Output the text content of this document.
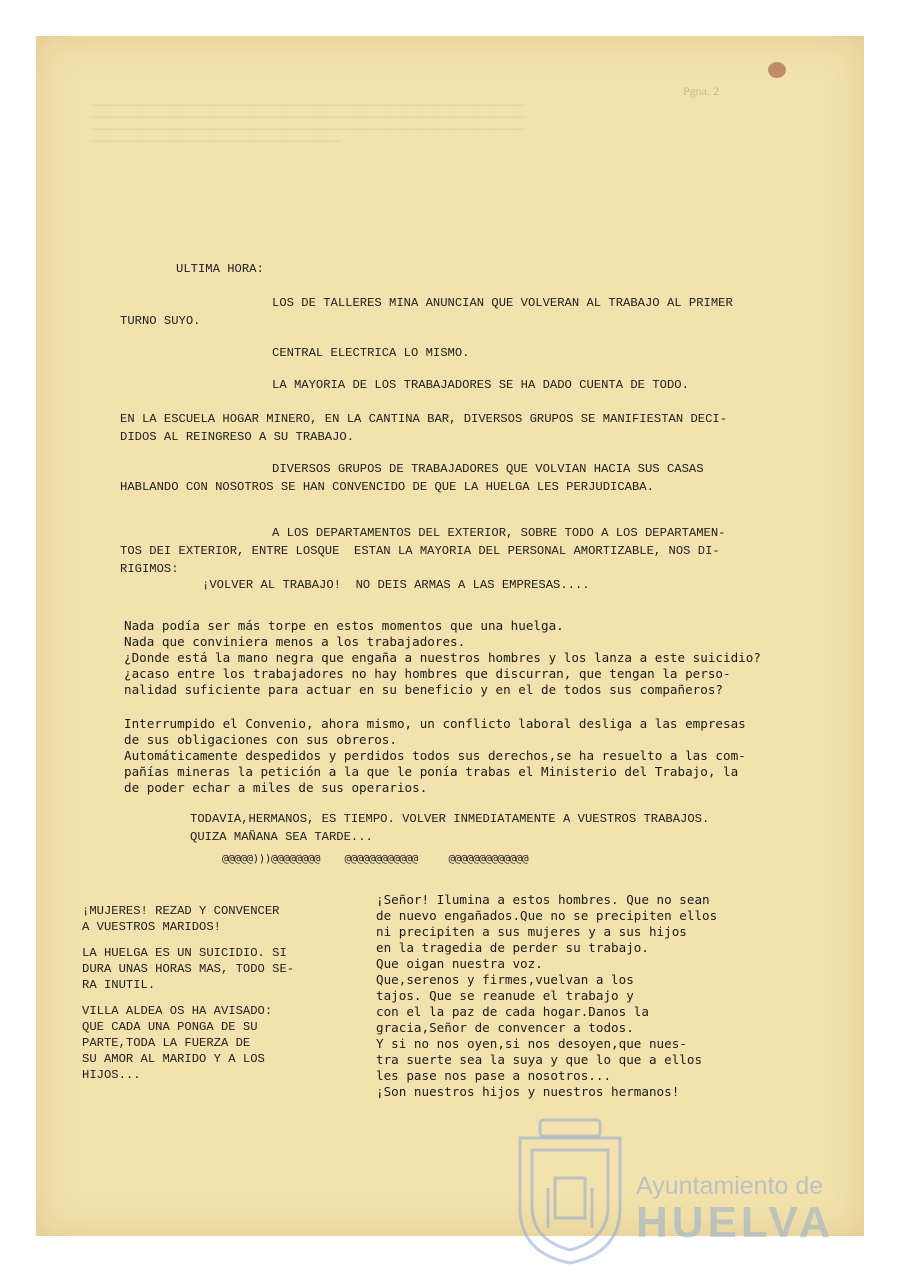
——————————————————————————————————————————————————————————————————
——————————————————————————————————————————————————————————————————
——————————————————————————————————————————————————————————————————
——————————————————————————————————————
Pgna. 2
ULTIMA HORA:
LOS DE TALLERES MINA ANUNCIAN QUE VOLVERAN AL TRABAJO AL PRIMER
TURNO SUYO.
CENTRAL ELECTRICA LO MISMO.
LA MAYORIA DE LOS TRABAJADORES SE HA DADO CUENTA DE TODO.
EN LA ESCUELA HOGAR MINERO, EN LA CANTINA BAR, DIVERSOS GRUPOS SE MANIFIESTAN DECI-
DIDOS AL REINGRESO A SU TRABAJO.
DIVERSOS GRUPOS DE TRABAJADORES QUE VOLVIAN HACIA SUS CASAS
HABLANDO CON NOSOTROS SE HAN CONVENCIDO DE QUE LA HUELGA LES PERJUDICABA.
A LOS DEPARTAMENTOS DEL EXTERIOR, SOBRE TODO A LOS DEPARTAMEN-
TOS DEI EXTERIOR, ENTRE LOSQUE  ESTAN LA MAYORIA DEL PERSONAL AMORTIZABLE, NOS DI-
RIGIMOS:
¡VOLVER AL TRABAJO!  NO DEIS ARMAS A LAS EMPRESAS....
Nada podía ser más torpe en estos momentos que una huelga.
Nada que conviniera menos a los trabajadores.
¿Donde está la mano negra que engaña a nuestros hombres y los lanza a este suicidio?
¿acaso entre los trabajadores no hay hombres que discurran, que tengan la perso-
nalidad suficiente para actuar en su beneficio y en el de todos sus compañeros?
Interrumpido el Convenio, ahora mismo, un conflicto laboral desliga a las empresas
de sus obligaciones con sus obreros.
Automáticamente despedidos y perdidos todos sus derechos,se ha resuelto a las com-
pañías mineras la petición a la que le ponía trabas el Ministerio del Trabajo, la
de poder echar a miles de sus operarios.
TODAVIA,HERMANOS, ES TIEMPO. VOLVER INMEDIATAMENTE A VUESTROS TRABAJOS.
QUIZA MAÑANA SEA TARDE...
@@@@@)))@@@@@@@@    @@@@@@@@@@@@     @@@@@@@@@@@@@
¡MUJERES! REZAD Y CONVENCER
A VUESTROS MARIDOS!
LA HUELGA ES UN SUICIDIO. SI
DURA UNAS HORAS MAS, TODO SE-
RA INUTIL.
VILLA ALDEA OS HA AVISADO:
QUE CADA UNA PONGA DE SU
PARTE,TODA LA FUERZA DE
SU AMOR AL MARIDO Y A LOS
HIJOS...
¡Señor! Ilumina a estos hombres. Que no sean
de nuevo engañados.Que no se precipiten ellos
ni precipiten a sus mujeres y a sus hijos
en la tragedia de perder su trabajo.
Que oigan nuestra voz.
Que,serenos y firmes,vuelvan a los
tajos. Que se reanude el trabajo y
con el la paz de cada hogar.Danos la
gracia,Señor de convencer a todos.
Y si no nos oyen,si nos desoyen,que nues-
tra suerte sea la suya y que lo que a ellos
les pase nos pase a nosotros...
¡Son nuestros hijos y nuestros hermanos!
Ayuntamiento de
HUELVA
